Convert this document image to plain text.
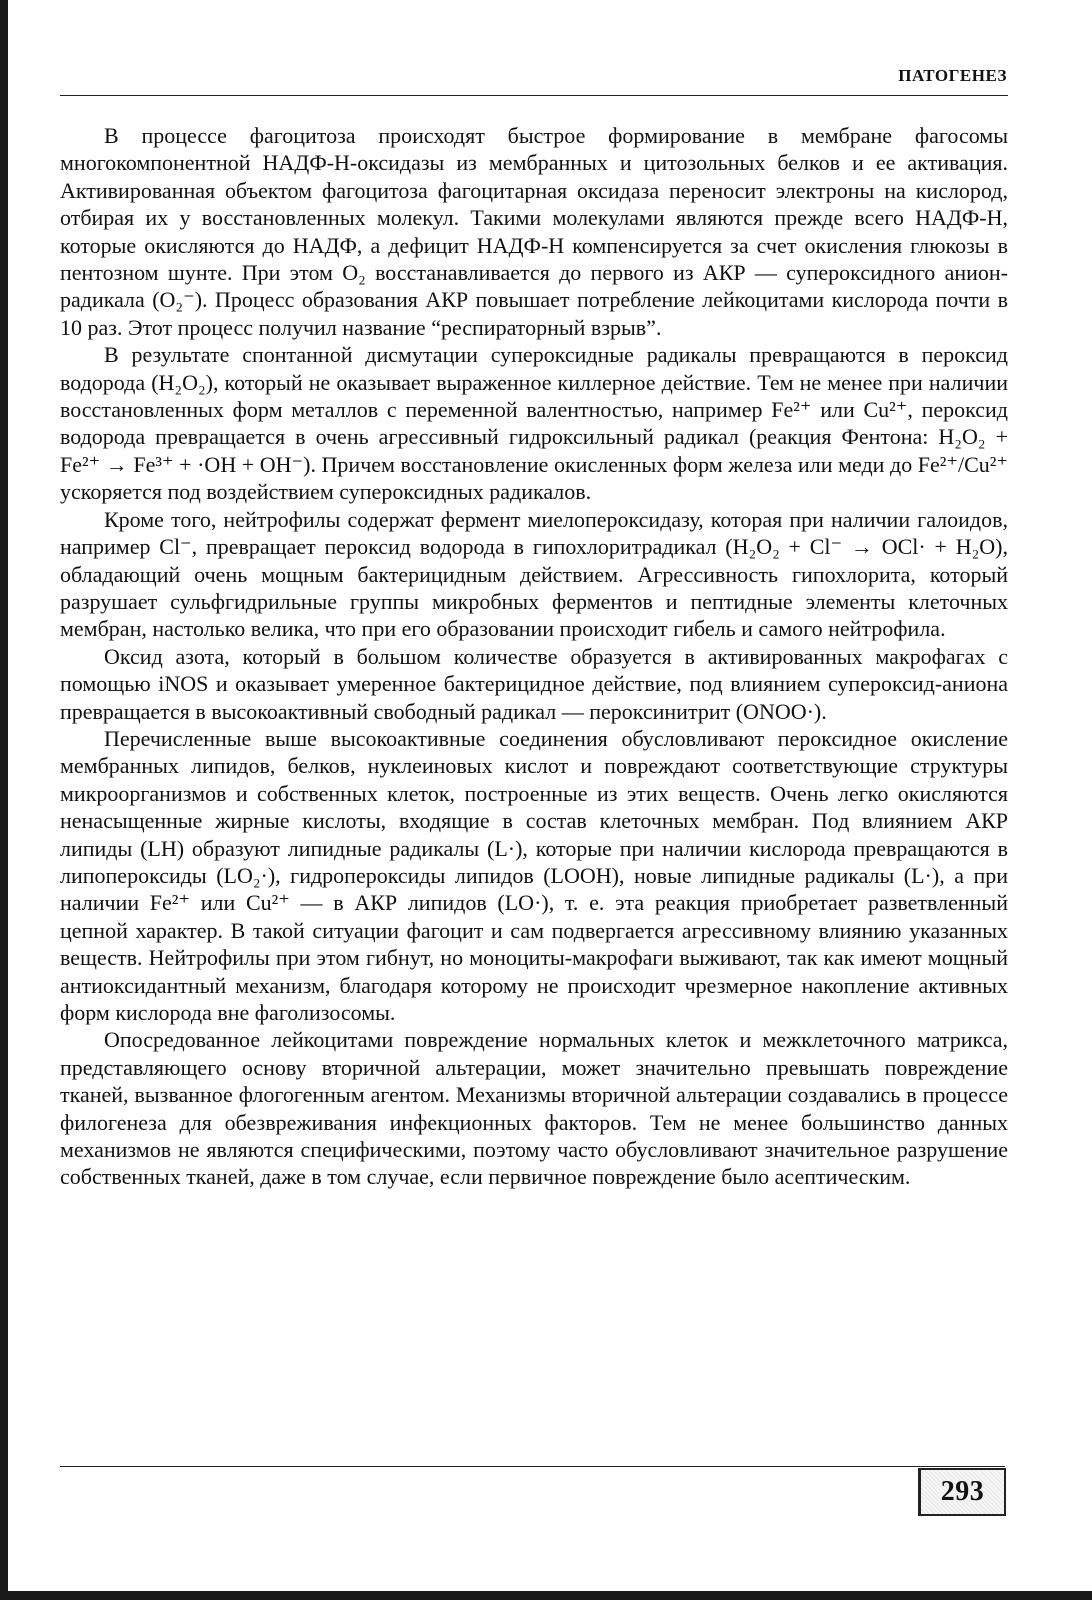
ПАТОГЕНЕЗ

В процессе фагоцитоза происходят быстрое формирование в мембране фагосомы многокомпонентной НАДФ-Н-оксидазы из мембранных и цитозольных белков и ее активация. Активированная объектом фагоцитоза фагоцитарная оксидаза переносит электроны на кислород, отбирая их у восстановленных молекул. Такими молекулами являются прежде всего НАДФ-Н, которые окисляются до НАДФ, а дефицит НАДФ-Н компенсируется за счет окисления глюкозы в пентозном шунте. При этом O₂ восстанавливается до первого из АКР — супероксидного анион-радикала (O₂⁻). Процесс образования АКР повышает потребление лейкоцитами кислорода почти в 10 раз. Этот процесс получил название “респираторный взрыв”.

В результате спонтанной дисмутации супероксидные радикалы превращаются в пероксид водорода (H₂O₂), который не оказывает выраженное киллерное действие. Тем не менее при наличии восстановленных форм металлов с переменной валентностью, например Fe²⁺ или Cu²⁺, пероксид водорода превращается в очень агрессивный гидроксильный радикал (реакция Фентона: H₂O₂ + Fe²⁺ → Fe³⁺ + ·OH + OH⁻). Причем восстановление окисленных форм железа или меди до Fe²⁺/Cu²⁺ ускоряется под воздействием супероксидных радикалов.

Кроме того, нейтрофилы содержат фермент миелопероксидазу, которая при наличии галоидов, например Cl⁻, превращает пероксид водорода в гипохлоритрадикал (H₂O₂ + Cl⁻ → OCl· + H₂O), обладающий очень мощным бактерицидным действием. Агрессивность гипохлорита, который разрушает сульфгидрильные группы микробных ферментов и пептидные элементы клеточных мембран, настолько велика, что при его образовании происходит гибель и самого нейтрофила.

Оксид азота, который в большом количестве образуется в активированных макрофагах с помощью iNOS и оказывает умеренное бактерицидное действие, под влиянием супероксид-аниона превращается в высокоактивный свободный радикал — пероксинитрит (ONOO·).

Перечисленные выше высокоактивные соединения обусловливают пероксидное окисление мембранных липидов, белков, нуклеиновых кислот и повреждают соответствующие структуры микроорганизмов и собственных клеток, построенные из этих веществ. Очень легко окисляются ненасыщенные жирные кислоты, входящие в состав клеточных мембран. Под влиянием АКР липиды (LH) образуют липидные радикалы (L·), которые при наличии кислорода превращаются в липопероксиды (LO₂·), гидропероксиды липидов (LOOH), новые липидные радикалы (L·), а при наличии Fe²⁺ или Cu²⁺ — в АКР липидов (LO·), т. е. эта реакция приобретает разветвленный цепной характер. В такой ситуации фагоцит и сам подвергается агрессивному влиянию указанных веществ. Нейтрофилы при этом гибнут, но моноциты-макрофаги выживают, так как имеют мощный антиоксидантный механизм, благодаря которому не происходит чрезмерное накопление активных форм кислорода вне фаголизосомы.

Опосредованное лейкоцитами повреждение нормальных клеток и межклеточного матрикса, представляющего основу вторичной альтерации, может значительно превышать повреждение тканей, вызванное флогогенным агентом. Механизмы вторичной альтерации создавались в процессе филогенеза для обезвреживания инфекционных факторов. Тем не менее большинство данных механизмов не являются специфическими, поэтому часто обусловливают значительное разрушение собственных тканей, даже в том случае, если первичное повреждение было асептическим.

293
